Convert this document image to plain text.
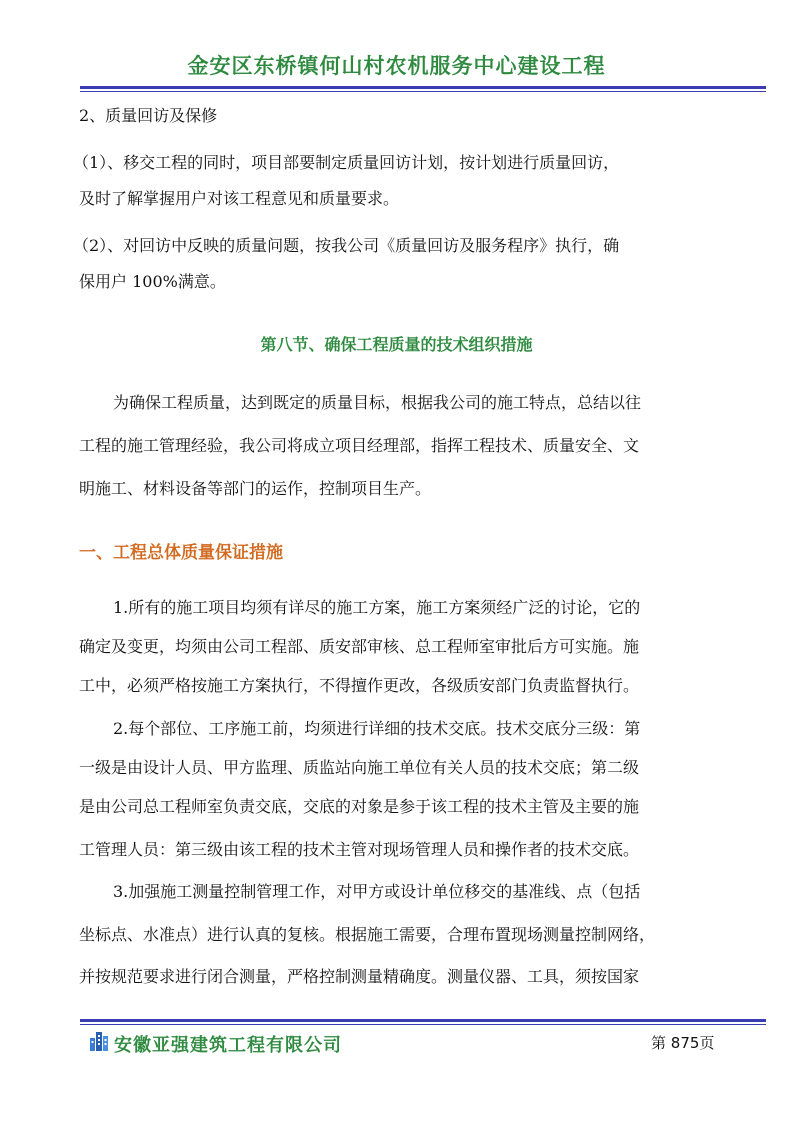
金安区东桥镇何山村农机服务中心建设工程
2、质量回访及保修
（1）、移交工程的同时，项目部要制定质量回访计划，按计划进行质量回访，
及时了解掌握用户对该工程意见和质量要求。
（2）、对回访中反映的质量问题，按我公司《质量回访及服务程序》执行，确
保用户 100%满意。
第八节、确保工程质量的技术组织措施
为确保工程质量，达到既定的质量目标，根据我公司的施工特点，总结以往
工程的施工管理经验，我公司将成立项目经理部，指挥工程技术、质量安全、文
明施工、材料设备等部门的运作，控制项目生产。
一、工程总体质量保证措施
1.所有的施工项目均须有详尽的施工方案，施工方案须经广泛的讨论，它的
确定及变更，均须由公司工程部、质安部审核、总工程师室审批后方可实施。施
工中，必须严格按施工方案执行，不得擅作更改，各级质安部门负责监督执行。
2.每个部位、工序施工前，均须进行详细的技术交底。技术交底分三级：第
一级是由设计人员、甲方监理、质监站向施工单位有关人员的技术交底；第二级
是由公司总工程师室负责交底，交底的对象是参于该工程的技术主管及主要的施
工管理人员：第三级由该工程的技术主管对现场管理人员和操作者的技术交底。
3.加强施工测量控制管理工作，对甲方或设计单位移交的基准线、点（包括
坐标点、水准点）进行认真的复核。根据施工需要，合理布置现场测量控制网络，
并按规范要求进行闭合测量，严格控制测量精确度。测量仪器、工具，须按国家
安徽亚强建筑工程有限公司	第 875页
